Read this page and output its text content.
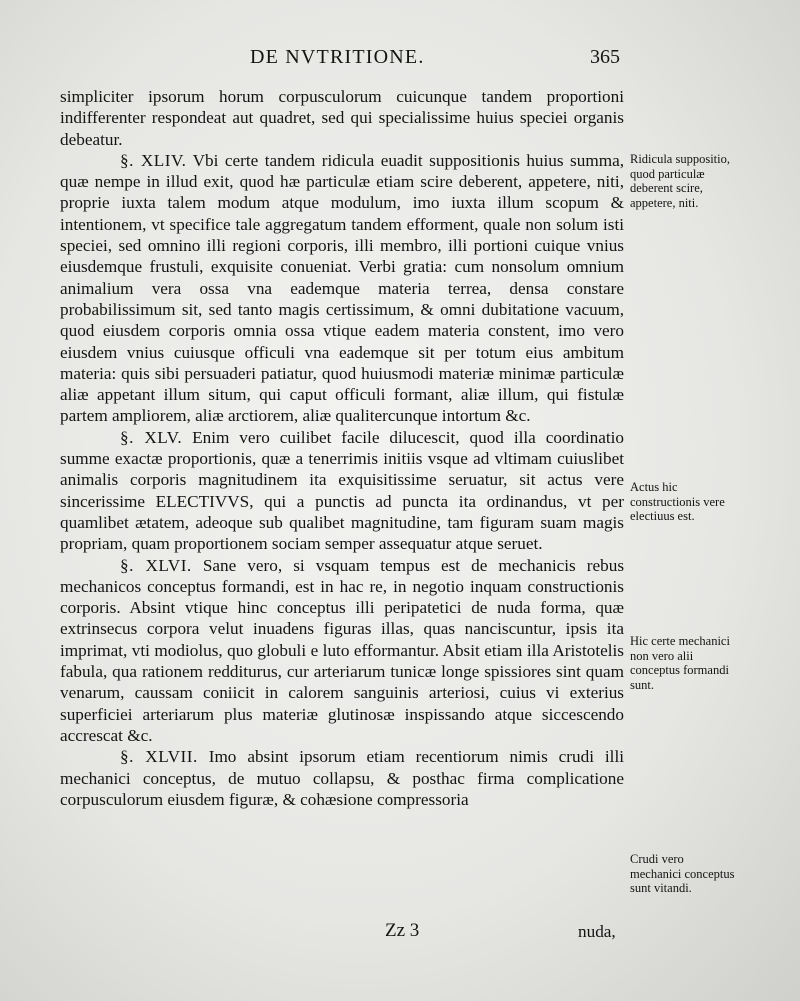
DE NVTRITIONE.	365

simpliciter ipsorum horum corpusculorum cuicunque tandem proportioni indifferenter respondeat aut quadret, sed qui specialissime huius speciei organis debeatur.

§. XLIV. Vbi certe tandem ridicula euadit suppositionis huius summa, quæ nempe in illud exit, quod hæ particulæ etiam scire deberent, appetere, niti, proprie iuxta talem modum atque modulum, imo iuxta illum scopum & intentionem, vt specifice tale aggregatum tandem efforment, quale non solum isti speciei, sed omnino illi regioni corporis, illi membro, illi portioni cuique vnius eiusdemque frustuli, exquisite conueniat. Verbi gratia: cum nonsolum omnium animalium vera ossa vna eademque materia terrea, densa constare probabilissimum sit, sed tanto magis certissimum, & omni dubitatione vacuum, quod eiusdem corporis omnia ossa vtique eadem materia constent, imo vero eiusdem vnius cuiusque officuli vna eademque sit per totum eius ambitum materia: quis sibi persuaderi patiatur, quod huiusmodi materiæ minimæ particulæ aliæ appetant illum situm, qui caput officuli formant, aliæ illum, qui fistulæ partem ampliorem, aliæ arctiorem, aliæ qualitercunque intortum &c.

§. XLV. Enim vero cuilibet facile dilucescit, quod illa coordinatio summe exactæ proportionis, quæ a tenerrimis initiis vsque ad vltimam cuiuslibet animalis corporis magnitudinem ita exquisitissime seruatur, sit actus vere sincerissime ELECTIVVS, qui a punctis ad puncta ita ordinandus, vt per quamlibet ætatem, adeoque sub qualibet magnitudine, tam figuram suam magis propriam, quam proportionem sociam semper assequatur atque seruet.

§. XLVI. Sane vero, si vsquam tempus est de mechanicis rebus mechanicos conceptus formandi, est in hac re, in negotio inquam constructionis corporis. Absint vtique hinc conceptus illi peripatetici de nuda forma, quæ extrinsecus corpora velut inuadens figuras illas, quas nanciscuntur, ipsis ita imprimat, vti modiolus, quo globuli e luto efformantur. Absit etiam illa Aristotelis fabula, qua rationem redditurus, cur arteriarum tunicæ longe spissiores sint quam venarum, caussam coniicit in calorem sanguinis arteriosi, cuius vi exterius superficiei arteriarum plus materiæ glutinosæ inspissando atque siccescendo accrescat &c.

§. XLVII. Imo absint ipsorum etiam recentiorum nimis crudi illi mechanici conceptus, de mutuo collapsu, & posthac firma complicatione corpusculorum eiusdem figuræ, & cohæsione compressoria

Ridicula suppositio, quod particulæ deberent scire, appetere, niti.
Actus hic constructionis vere electiuus est.
Hic certe mechanici non vero alii conceptus formandi sunt.
Crudi vero mechanici conceptus sunt vitandi.
Zz 3	nuda,
